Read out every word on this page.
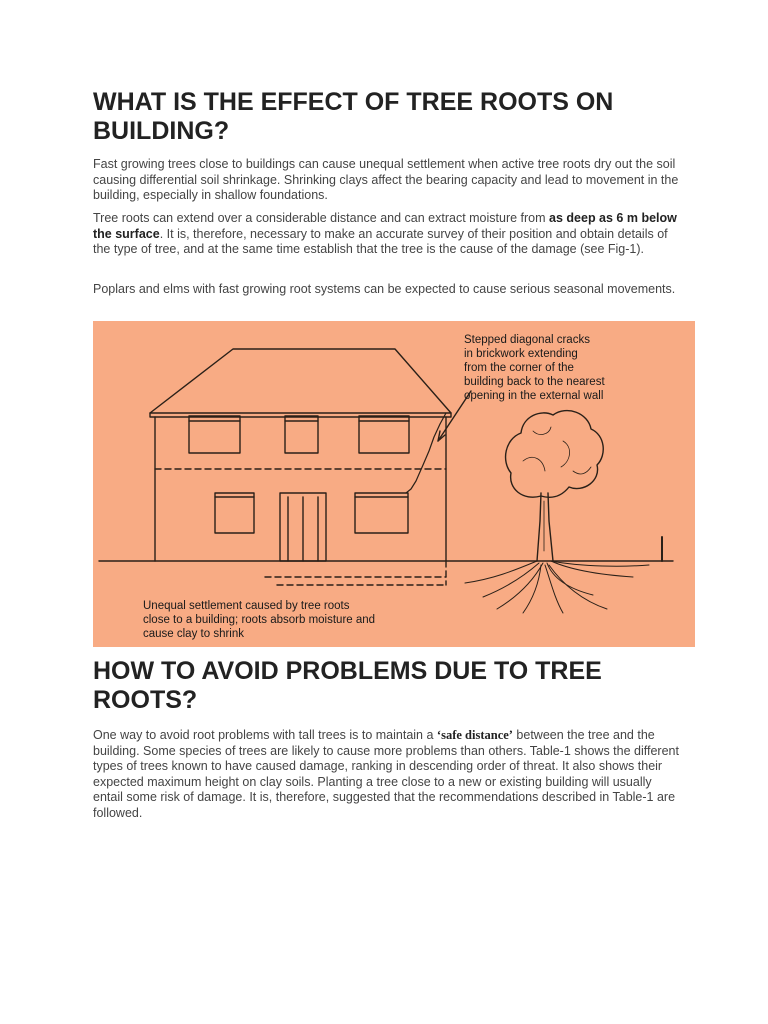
WHAT IS THE EFFECT OF TREE ROOTS ON BUILDING?

Fast growing trees close to buildings can cause unequal settlement when active tree roots dry out the soil causing differential soil shrinkage. Shrinking clays affect the bearing capacity and lead to movement in the building, especially in shallow foundations.

Tree roots can extend over a considerable distance and can extract moisture from as deep as 6 m below the surface. It is, therefore, necessary to make an accurate survey of their position and obtain details of the type of tree, and at the same time establish that the tree is the cause of the damage (see Fig-1).

Poplars and elms with fast growing root systems can be expected to cause serious seasonal movements.

HOW TO AVOID PROBLEMS DUE TO TREE ROOTS?

One way to avoid root problems with tall trees is to maintain a ‘safe distance’ between the tree and the building. Some species of trees are likely to cause more problems than others. Table-1 shows the different types of trees known to have caused damage, ranking in descending order of threat. It also shows their expected maximum height on clay soils. Planting a tree close to a new or existing building will usually entail some risk of damage. It is, therefore, suggested that the recommendations described in Table-1 are followed.

Stepped diagonal cracks
in brickwork extending
from the corner of the
building back to the nearest
opening in the external wall
Unequal settlement caused by tree roots
close to a building; roots absorb moisture and
cause clay to shrink
